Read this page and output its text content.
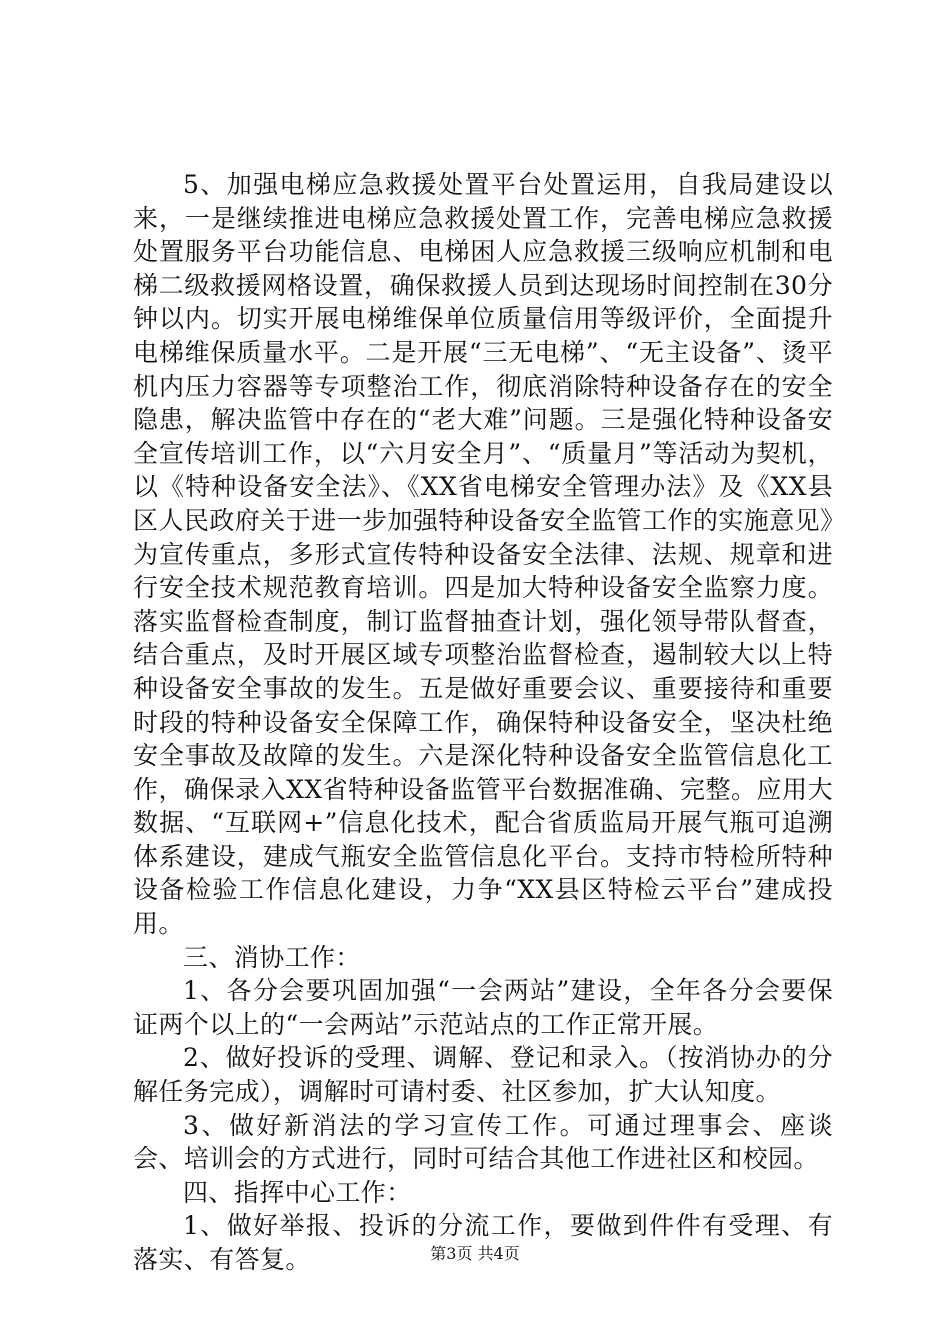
5、加强电梯应急救援处置平台处置运用，自我局建设以来，一是继续推进电梯应急救援处置工作，完善电梯应急救援处置服务平台功能信息、电梯困人应急救援三级响应机制和电梯二级救援网格设置，确保救援人员到达现场时间控制在30分钟以内。切实开展电梯维保单位质量信用等级评价，全面提升电梯维保质量水平。二是开展“三无电梯”、“无主设备”、烫平机内压力容器等专项整治工作，彻底消除特种设备存在的安全隐患，解决监管中存在的“老大难”问题。三是强化特种设备安全宣传培训工作，以“六月安全月”、“质量月”等活动为契机，以《特种设备安全法》、《XX省电梯安全管理办法》及《XX县区人民政府关于进一步加强特种设备安全监管工作的实施意见》为宣传重点，多形式宣传特种设备安全法律、法规、规章和进行安全技术规范教育培训。四是加大特种设备安全监察力度。落实监督检查制度，制订监督抽查计划，强化领导带队督查，结合重点，及时开展区域专项整治监督检查，遏制较大以上特种设备安全事故的发生。五是做好重要会议、重要接待和重要时段的特种设备安全保障工作，确保特种设备安全，坚决杜绝安全事故及故障的发生。六是深化特种设备安全监管信息化工作，确保录入XX省特种设备监管平台数据准确、完整。应用大数据、“互联网+”信息化技术，配合省质监局开展气瓶可追溯体系建设，建成气瓶安全监管信息化平台。支持市特检所特种设备检验工作信息化建设，力争“XX县区特检云平台”建成投用。

三、消协工作：

1、各分会要巩固加强“一会两站”建设，全年各分会要保证两个以上的“一会两站”示范站点的工作正常开展。

2、做好投诉的受理、调解、登记和录入。（按消协办的分解任务完成），调解时可请村委、社区参加，扩大认知度。

3、做好新消法的学习宣传工作。可通过理事会、座谈会、培训会的方式进行，同时可结合其他工作进社区和校园。

四、指挥中心工作：

1、做好举报、投诉的分流工作，要做到件件有受理、有落实、有答复。	第3页 共4页
